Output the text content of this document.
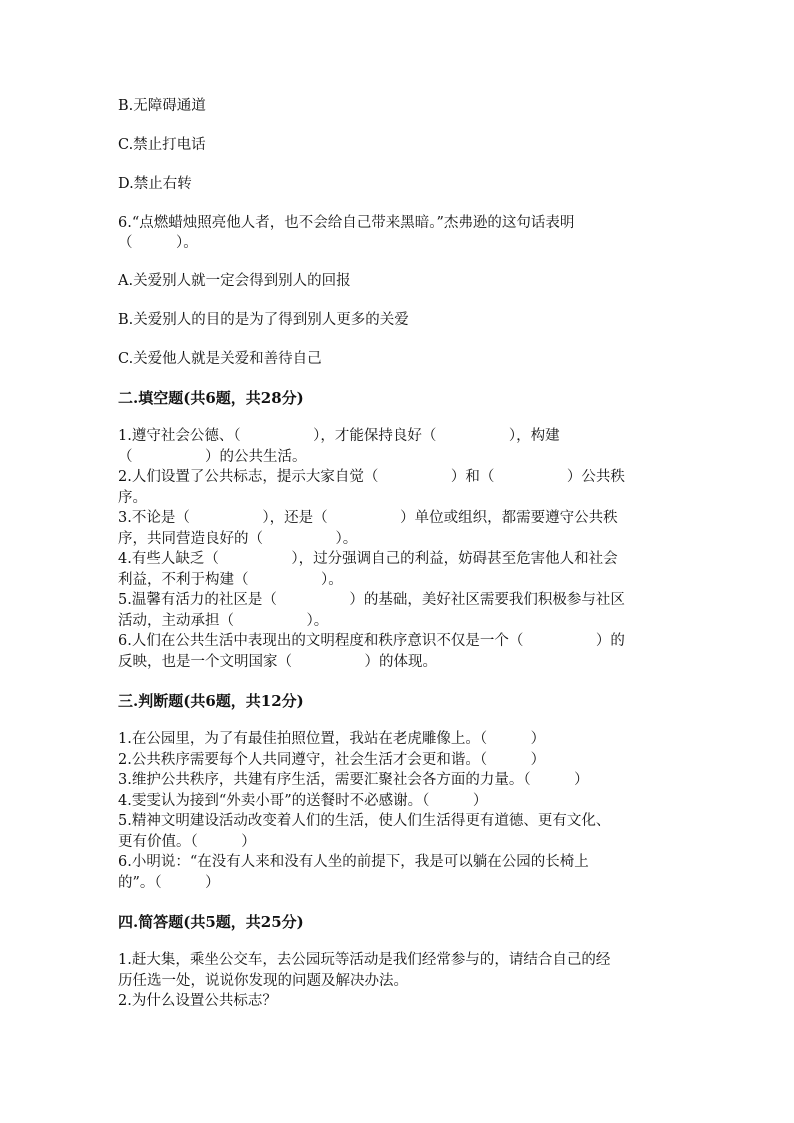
B.无障碍通道
C.禁止打电话
D.禁止右转
6.“点燃蜡烛照亮他人者，也不会给自己带来黑暗。”杰弗逊的这句话表明
（　　　）。
A.关爱别人就一定会得到别人的回报
B.关爱别人的目的是为了得到别人更多的关爱
C.关爱他人就是关爱和善待自己
二.填空题(共6题，共28分)
1.遵守社会公德、（　　　　　），才能保持良好（　　　　　），构建
（　　　　　）的公共生活。
2.人们设置了公共标志，提示大家自觉（　　　　　）和（　　　　　）公共秩
序。
3.不论是（　　　　　），还是（　　　　　）单位或组织，都需要遵守公共秩
序，共同营造良好的（　　　　　）。
4.有些人缺乏（　　　　　），过分强调自己的利益，妨碍甚至危害他人和社会
利益，不利于构建（　　　　　）。
5.温馨有活力的社区是（　　　　　）的基础，美好社区需要我们积极参与社区
活动，主动承担（　　　　　）。
6.人们在公共生活中表现出的文明程度和秩序意识不仅是一个（　　　　　）的
反映，也是一个文明国家（　　　　　）的体现。
三.判断题(共6题，共12分)
1.在公园里，为了有最佳拍照位置，我站在老虎雕像上。（　　　）
2.公共秩序需要每个人共同遵守，社会生活才会更和谐。（　　　）
3.维护公共秩序，共建有序生活，需要汇聚社会各方面的力量。（　　　）
4.雯雯认为接到“外卖小哥”的送餐时不必感谢。（　　　）
5.精神文明建设活动改变着人们的生活，使人们生活得更有道德、更有文化、
更有价值。（　　　）
6.小明说：“在没有人来和没有人坐的前提下，我是可以躺在公园的长椅上
的”。（　　　）
四.简答题(共5题，共25分)
1.赶大集，乘坐公交车，去公园玩等活动是我们经常参与的，请结合自己的经
历任选一处，说说你发现的问题及解决办法。
2.为什么设置公共标志？
